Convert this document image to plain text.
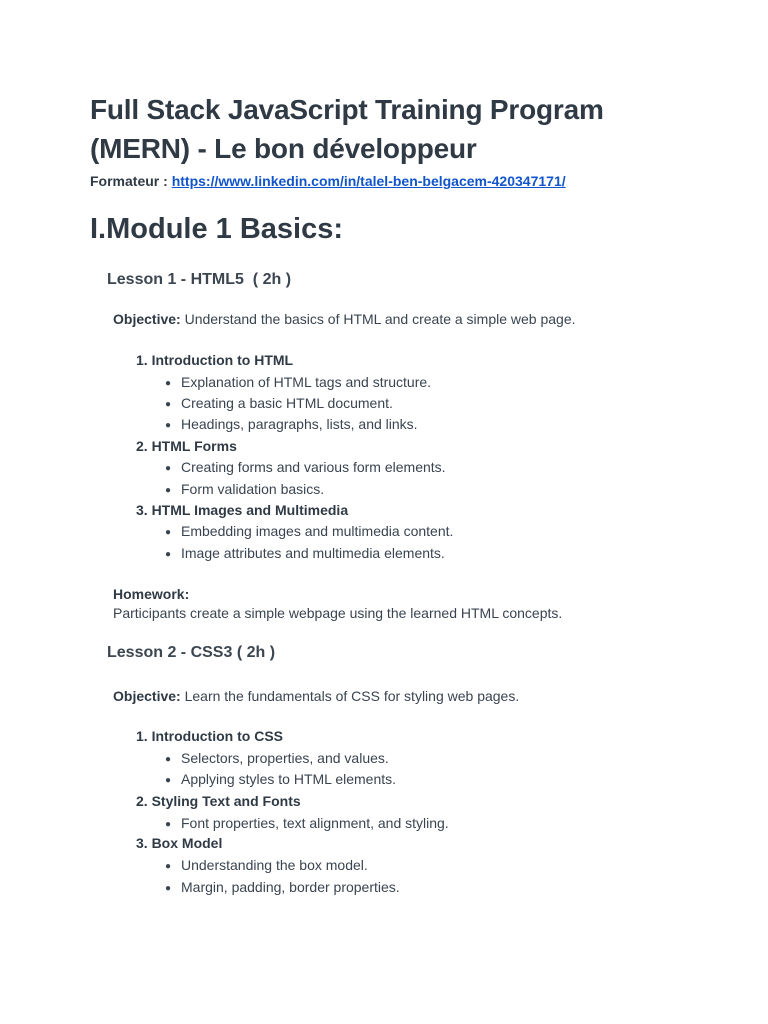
Full Stack JavaScript Training Program (MERN) - Le bon développeur
Formateur : https://www.linkedin.com/in/talel-ben-belgacem-420347171/
I.Module 1 Basics:
Lesson 1 - HTML5  ( 2h )

Objective: Understand the basics of HTML and create a simple web page.

1. Introduction to HTML
● Explanation of HTML tags and structure.
● Creating a basic HTML document.
● Headings, paragraphs, lists, and links.
2. HTML Forms
● Creating forms and various form elements.
● Form validation basics.
3. HTML Images and Multimedia
● Embedding images and multimedia content.
● Image attributes and multimedia elements.
Homework:
Participants create a simple webpage using the learned HTML concepts.
Lesson 2 - CSS3 ( 2h )

Objective: Learn the fundamentals of CSS for styling web pages.

1. Introduction to CSS
● Selectors, properties, and values.
● Applying styles to HTML elements.
2. Styling Text and Fonts
● Font properties, text alignment, and styling.
3. Box Model
● Understanding the box model.
● Margin, padding, border properties.
